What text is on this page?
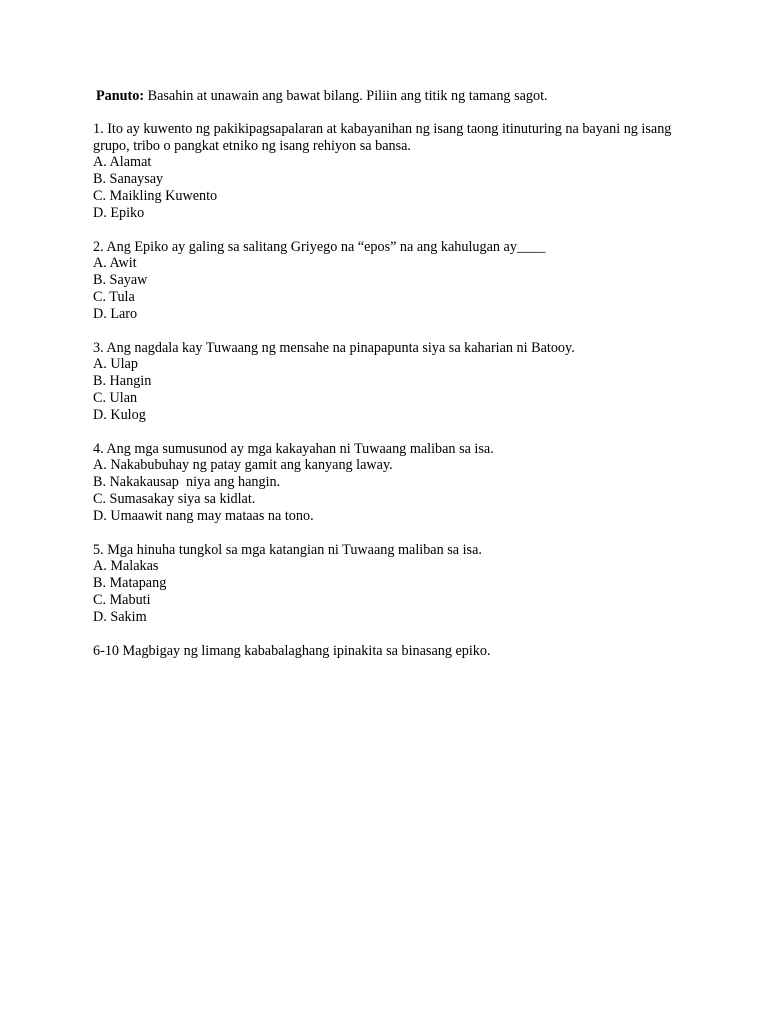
Panuto: Basahin at unawain ang bawat bilang. Piliin ang titik ng tamang sagot.
1. Ito ay kuwento ng pakikipagsapalaran at kabayanihan ng isang taong itinuturing na bayani ng isang grupo, tribo o pangkat etniko ng isang rehiyon sa bansa.
A. Alamat
B. Sanaysay
C. Maikling Kuwento
D. Epiko
2. Ang Epiko ay galing sa salitang Griyego na “epos” na ang kahulugan ay____
A. Awit
B. Sayaw
C. Tula
D. Laro
3. Ang nagdala kay Tuwaang ng mensahe na pinapapunta siya sa kaharian ni Batooy.
A. Ulap
B. Hangin
C. Ulan
D. Kulog
4. Ang mga sumusunod ay mga kakayahan ni Tuwaang maliban sa isa.
A. Nakabubuhay ng patay gamit ang kanyang laway.
B. Nakakausap  niya ang hangin.
C. Sumasakay siya sa kidlat.
D. Umaawit nang may mataas na tono.
5. Mga hinuha tungkol sa mga katangian ni Tuwaang maliban sa isa.
A. Malakas
B. Matapang
C. Mabuti
D. Sakim
6-10 Magbigay ng limang kababalaghang ipinakita sa binasang epiko.
